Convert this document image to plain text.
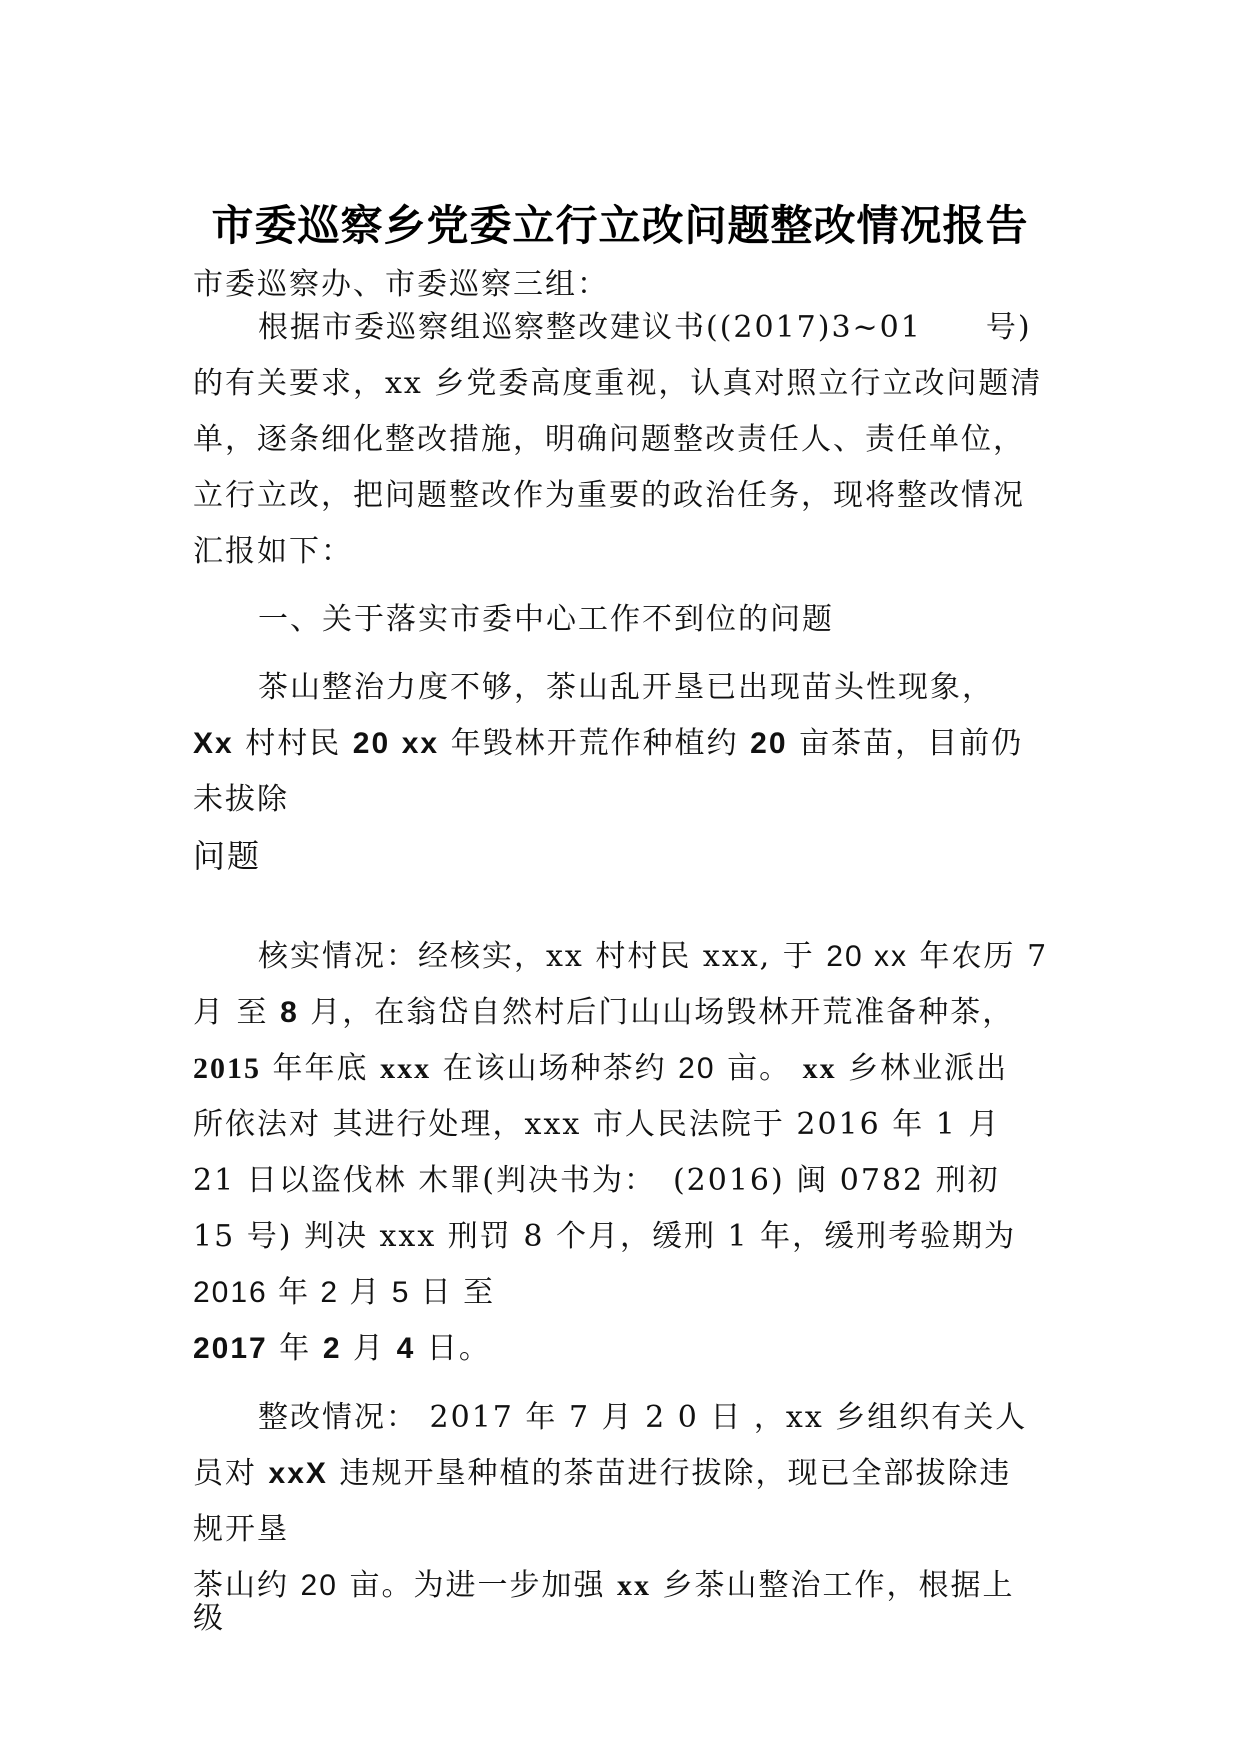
市委巡察乡党委立行立改问题整改情况报告
市委巡察办、市委巡察三组：
根据市委巡察组巡察整改建议书((2017)3~01　　号)
的有关要求，xx 乡党委高度重视，认真对照立行立改问题清
单，逐条细化整改措施，明确问题整改责任人、责任单位，
立行立改，把问题整改作为重要的政治任务，现将整改情况
汇报如下：
一、关于落实市委中心工作不到位的问题
茶山整治力度不够，茶山乱开垦已出现苗头性现象，
Xx 村村民 20 xx 年毁林开荒作种植约 20 亩茶苗，目前仍
未拔除
问题
核实情况：经核实，xx 村村民 xxx, 于 20 xx 年农历 7
月 至 8 月，在翁岱自然村后门山山场毁林开荒准备种茶，
2015 年年底 xxx 在该山场种茶约 20 亩。 xx 乡林业派出
所依法对 其进行处理，xxx 市人民法院于 2016 年 1 月
21 日以盗伐林 木罪(判决书为：　(2016) 闽 0782 刑初
15 号) 判决 xxx 刑罚 8 个月，缓刑 1 年，缓刑考验期为
2016 年 2 月 5 日 至
2017 年 2 月 4 日。
整改情况： 2017 年 7 月 2 0 日 ，xx 乡组织有关人
员对 xxX 违规开垦种植的茶苗进行拔除，现已全部拔除违
规开垦
茶山约 20 亩。为进一步加强 xx 乡茶山整治工作，根据上
级
